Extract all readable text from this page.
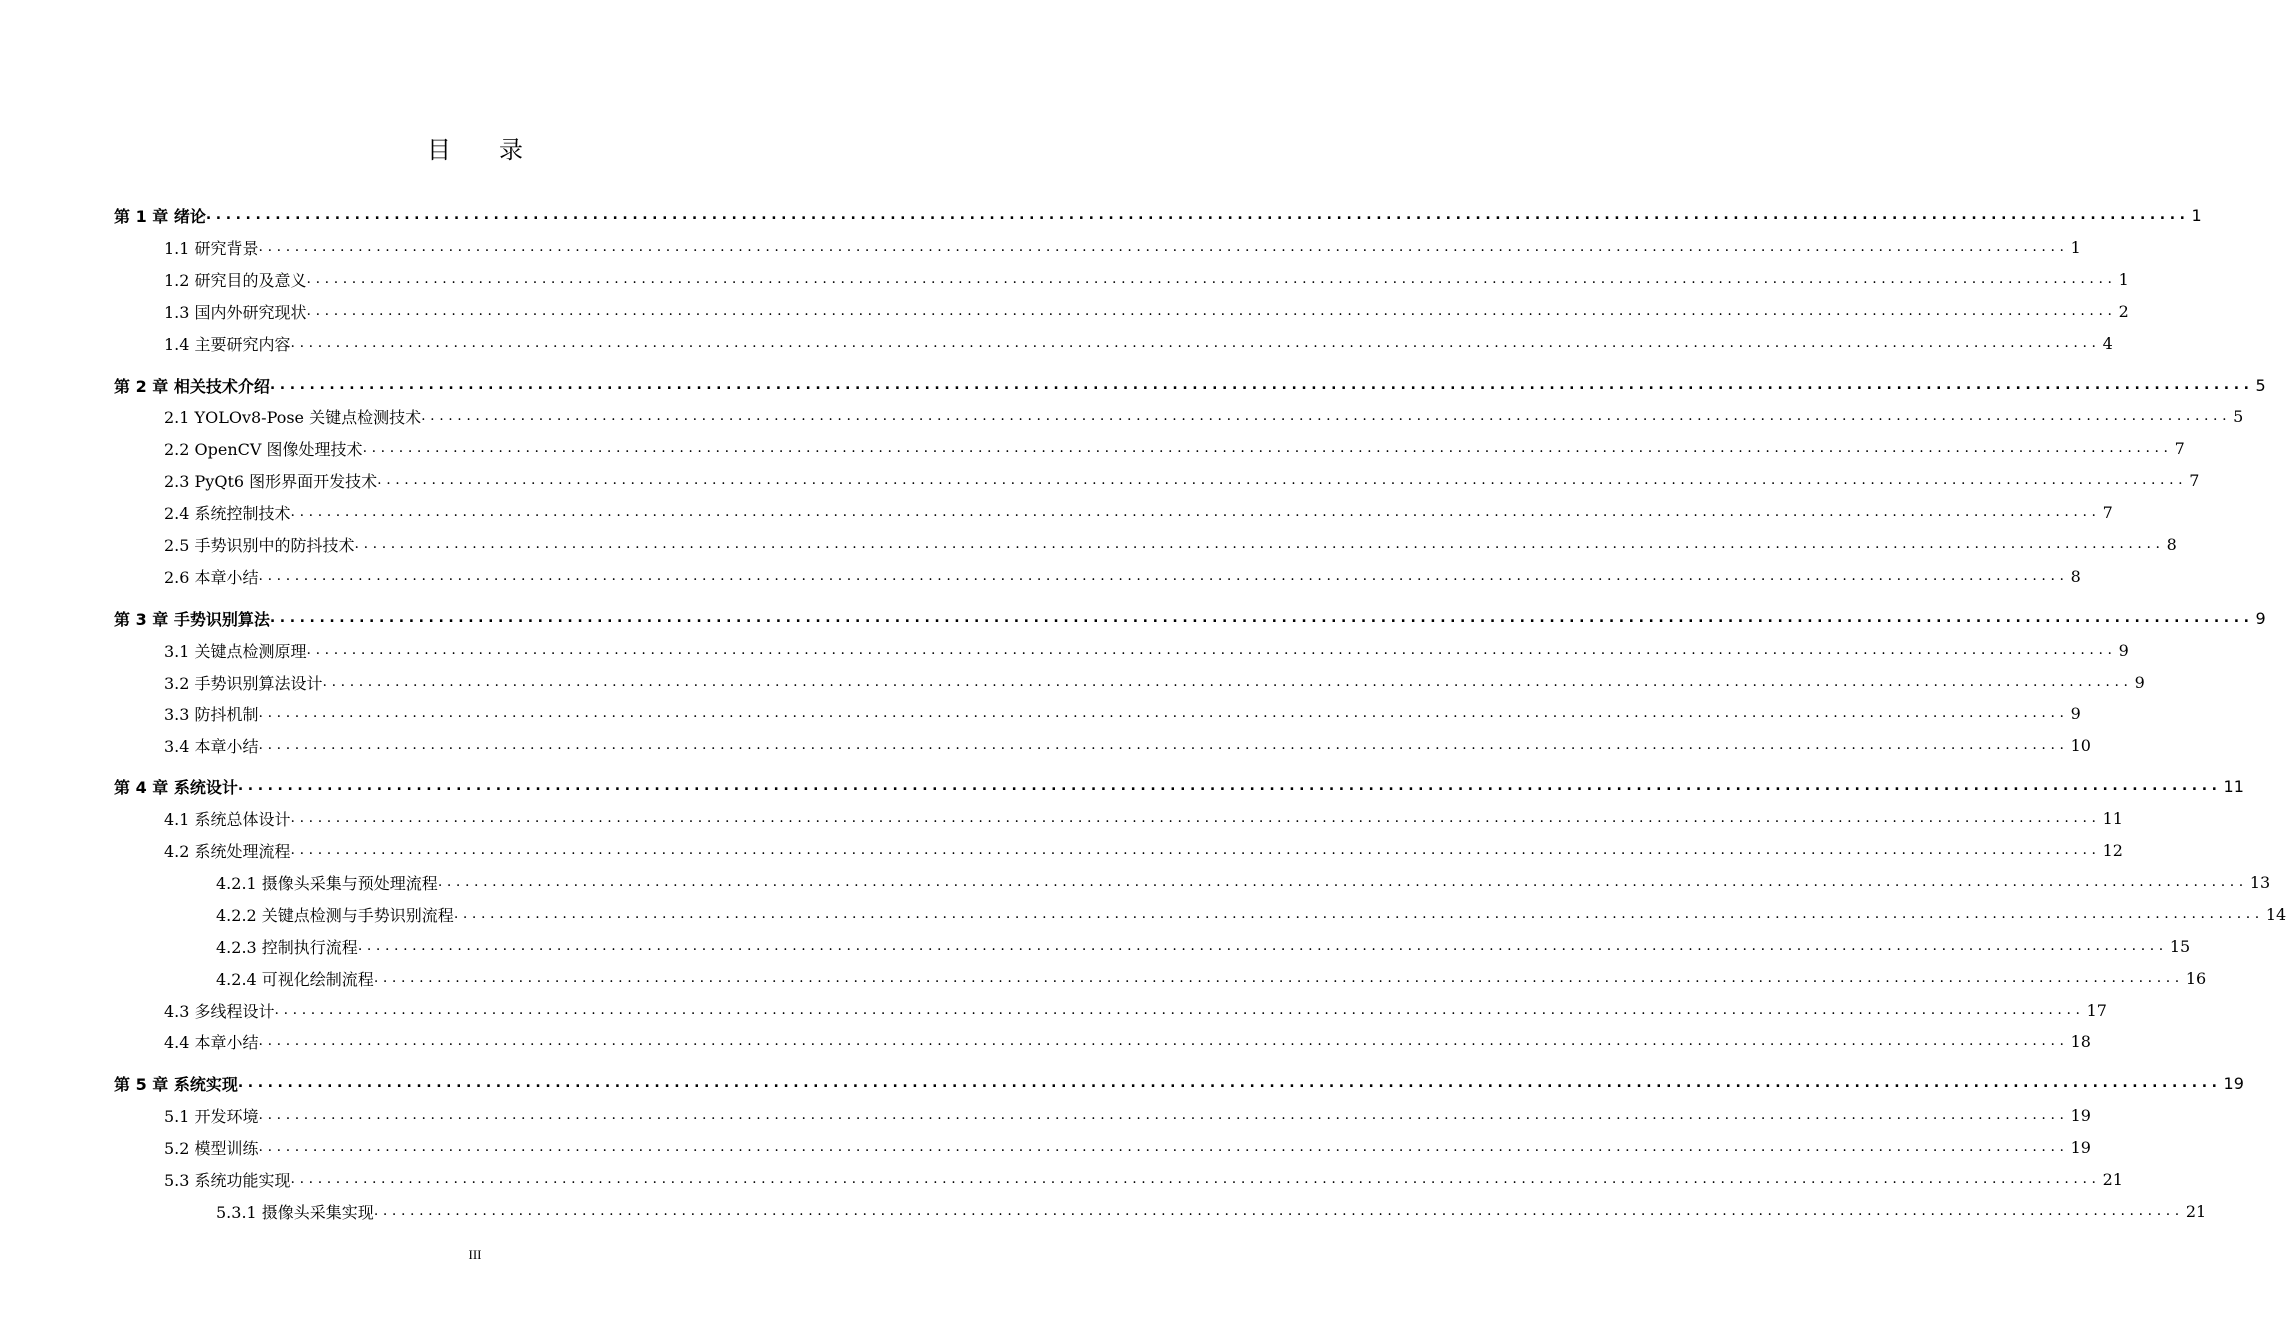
目 录
第 1 章 绪论 ........................................................................................................................................................................................................ 1
1.1 研究背景 ........................................................................................................................................................................................................ 1
1.2 研究目的及意义 ........................................................................................................................................................................................................ 1
1.3 国内外研究现状 ........................................................................................................................................................................................................ 2
1.4 主要研究内容 ........................................................................................................................................................................................................ 4
第 2 章 相关技术介绍 ........................................................................................................................................................................................................ 5
2.1 YOLOv8-Pose 关键点检测技术 ........................................................................................................................................................................................................ 5
2.2 OpenCV 图像处理技术 ........................................................................................................................................................................................................ 7
2.3 PyQt6 图形界面开发技术 ........................................................................................................................................................................................................ 7
2.4 系统控制技术 ........................................................................................................................................................................................................ 7
2.5 手势识别中的防抖技术 ........................................................................................................................................................................................................ 8
2.6 本章小结 ........................................................................................................................................................................................................ 8
第 3 章 手势识别算法 ........................................................................................................................................................................................................ 9
3.1 关键点检测原理 ........................................................................................................................................................................................................ 9
3.2 手势识别算法设计 ........................................................................................................................................................................................................ 9
3.3 防抖机制 ........................................................................................................................................................................................................ 9
3.4 本章小结 ........................................................................................................................................................................................................ 10
第 4 章 系统设计 ........................................................................................................................................................................................................ 11
4.1 系统总体设计 ........................................................................................................................................................................................................ 11
4.2 系统处理流程 ........................................................................................................................................................................................................ 12
4.2.1 摄像头采集与预处理流程 ........................................................................................................................................................................................................ 13
4.2.2 关键点检测与手势识别流程 ........................................................................................................................................................................................................ 14
4.2.3 控制执行流程 ........................................................................................................................................................................................................ 15
4.2.4 可视化绘制流程 ........................................................................................................................................................................................................ 16
4.3 多线程设计 ........................................................................................................................................................................................................ 17
4.4 本章小结 ........................................................................................................................................................................................................ 18
第 5 章 系统实现 ........................................................................................................................................................................................................ 19
5.1 开发环境 ........................................................................................................................................................................................................ 19
5.2 模型训练 ........................................................................................................................................................................................................ 19
5.3 系统功能实现 ........................................................................................................................................................................................................ 21
5.3.1 摄像头采集实现 ........................................................................................................................................................................................................ 21
III
